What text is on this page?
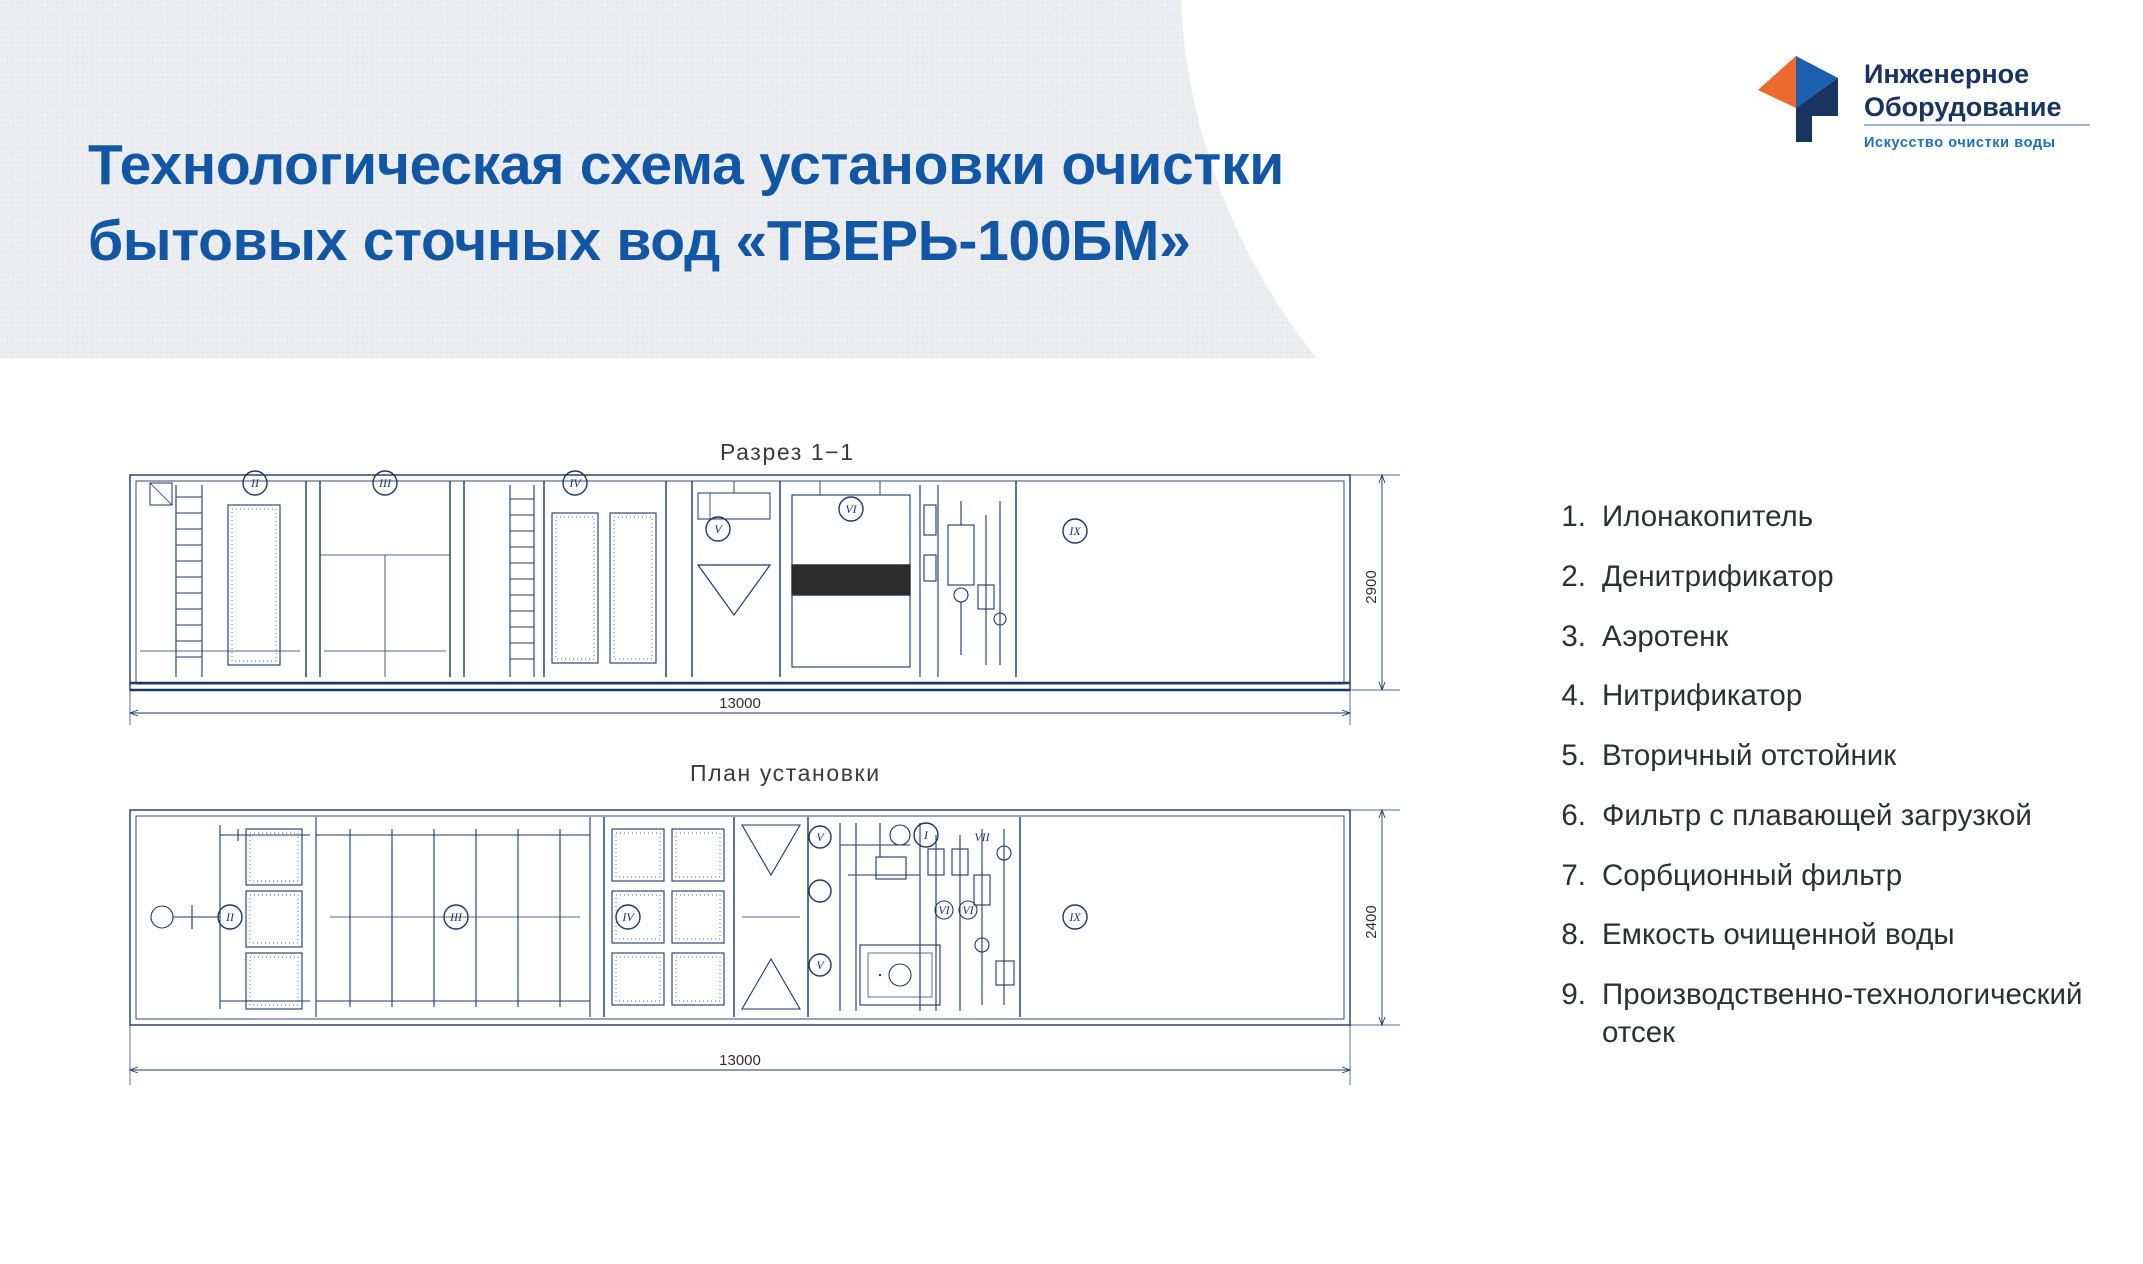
Технологическая схема установки очистки бытовых сточных вод «ТВЕРЬ-100БМ»
Инженерное
Оборудование
Искусство очистки воды
Разрез 1−1
План установки
II	III	IV
V
VI
IX
II	III	IV
V
V
I	VII
VI VI	IX
13000
2900
13000
2400
1. Илонакопитель
2. Денитрификатор
3. Аэротенк
4. Нитрификатор
5. Вторичный отстойник
6. Фильтр с плавающей загрузкой
7. Сорбционный фильтр
8. Емкость очищенной воды
9. Производственно-технологический отсек
